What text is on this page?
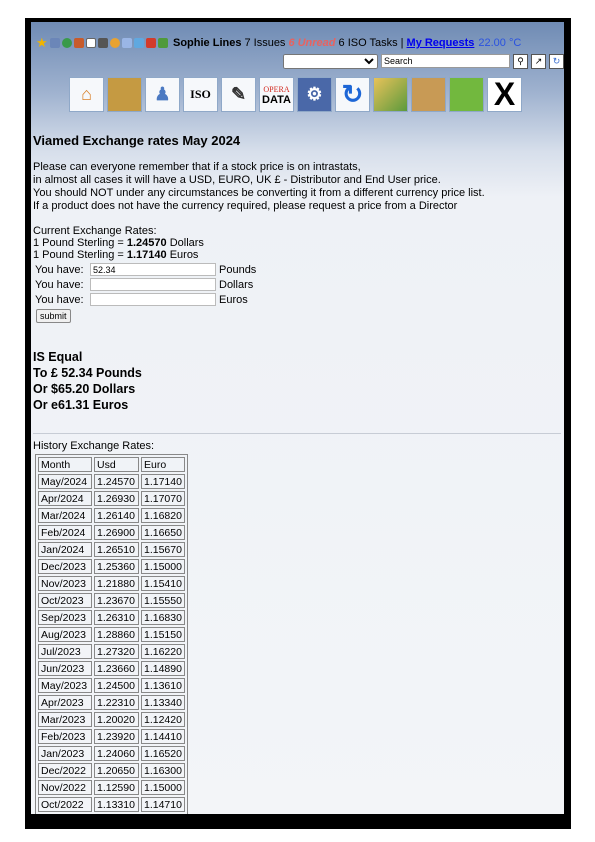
★	Sophie Lines 7 Issues 6 Unread 6 ISO Tasks | My Requests 22.00 °C
Search
⚲	↗	↻
⌂	♟	ISO	✎	OPERA
DATA ⚙ ↻	X
Viamed Exchange rates May 2024
Please can everyone remember that if a stock price is on intrastats,
in almost all cases it will have a USD, EURO, UK £ - Distributor and End User price.
You should NOT under any circumstances be converting it from a different currency price list.
If a product does not have the currency required, please request a price from a Director
Current Exchange Rates:
1 Pound Sterling = 1.24570 Dollars
1 Pound Sterling = 1.17140 Euros
You have:
52.34	Pounds
You have:	Dollars
You have:	Euros
submit
IS Equal
To £ 52.34 Pounds
Or $65.20 Dollars
Or e61.31 Euros
History Exchange Rates:
Month	Usd	Euro
May/2024	1.24570	1.17140
Apr/2024	1.26930	1.17070
Mar/2024	1.26140	1.16820
Feb/2024	1.26900	1.16650
Jan/2024	1.26510	1.15670
Dec/2023	1.25360	1.15000
Nov/2023	1.21880	1.15410
Oct/2023	1.23670	1.15550
Sep/2023	1.26310	1.16830
Aug/2023	1.28860	1.15150
Jul/2023	1.27320	1.16220
Jun/2023	1.23660	1.14890
May/2023	1.24500	1.13610
Apr/2023	1.22310	1.13340
Mar/2023	1.20020	1.12420
Feb/2023	1.23920	1.14410
Jan/2023	1.24060	1.16520
Dec/2022	1.20650	1.16300
Nov/2022	1.12590	1.15000
Oct/2022	1.13310	1.14710
